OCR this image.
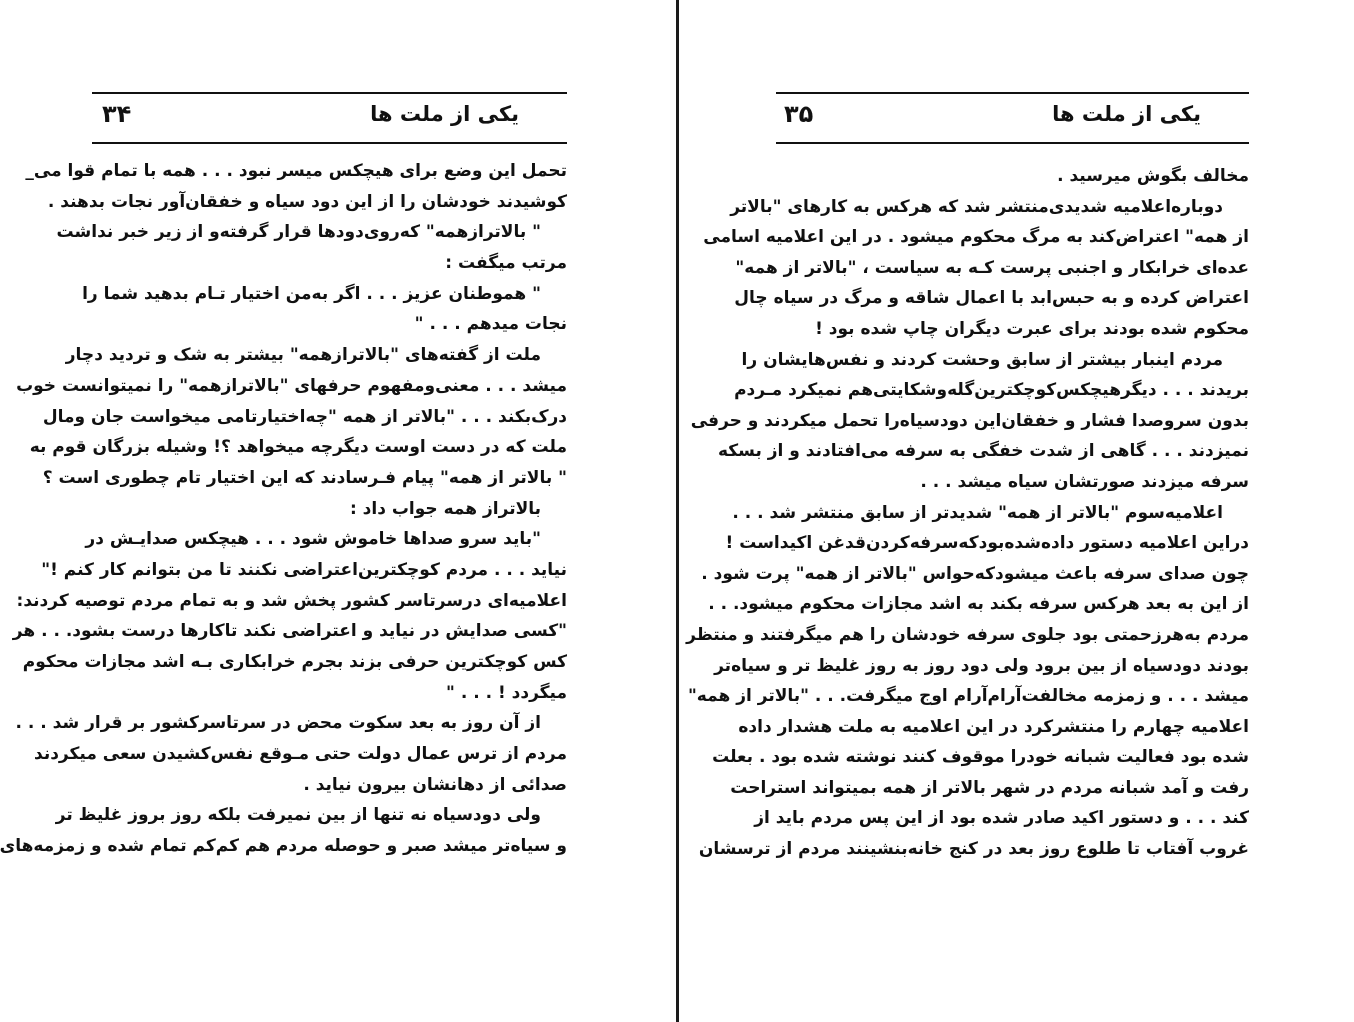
یکی از ملت ها
۳۴
تحمل این وضع برای هیچکس میسر نبود . . . همه با تمام قوا می_
کوشیدند خودشان را از این دود سیاه و خفقان‌آور نجات بدهند .
" بالاترازهمه" که‌روی‌دودها قرار گرفته‌و از زیر خبر نداشت
مرتب میگفت :
" هموطنان عزیز . . . اگر به‌من اختیار تـام بدهید شما را
نجات میدهم . . . "
ملت از گفته‌های "بالاترازهمه" بیشتر به شک و تردید دچار
میشد . . . معنی‌ومفهوم حرفهای "بالاترازهمه" را نمیتوانست خوب
درک‌بکند . . . "بالاتر از همه "چه‌اختیارتامی میخواست جان ومال
ملت که در دست اوست دیگرچه میخواهد ؟! وشیله بزرگان قوم به
" بالاتر از همه" پیام فـرسادند که این اختیار تام چطوری است ؟
بالاتراز همه جواب داد :
"باید سرو صداها خاموش شود . . . هیچکس صدایـش در
نیاید . . . مردم کوچکترین‌اعتراضی نکنند تا من بتوانم کار کنم !"
اعلامیه‌ای درسرتاسر کشور پخش شد و به تمام مردم توصیه کردند:
"کسی صدایش در نیاید و اعتراضی نکند تاکارها درست بشود. . . هر
کس کوچکترین حرفی بزند بجرم خرابکاری بـه اشد مجازات محکوم
میگردد ! . . . "
از آن روز به بعد سکوت محض در سرتاسرکشور بر قرار شد . . .
مردم از ترس عمال دولت حتی مـوقع نفس‌کشیدن سعی میکردند
صدائی از دهانشان بیرون نیاید .
ولی دودسیاه نه تنها از بین نمیرفت بلکه روز بروز غلیظ تر
و سیاه‌تر میشد صبر و حوصله مردم هم کم‌کم تمام شده و زمزمه‌های
یکی از ملت ها
۳۵
مخالف بگوش میرسید .
دوباره‌اعلامیه شدیدی‌منتشر شد که هرکس به کارهای "بالاتر
از همه" اعتراض‌کند به مرگ محکوم میشود . در این اعلامیه اسامی
عده‌ای خرابکار و اجنبی پرست کـه به سیاست ، "بالاتر از همه"
اعتراض کرده و به حبس‌ابد با اعمال شاقه و مرگ در سیاه چال
محکوم شده بودند برای عبرت دیگران چاپ شده بود !
مردم اینبار بیشتر از سابق وحشت کردند و نفس‌هایشان را
بریدند . . . دیگرهیچکس‌کوچکترین‌گلەوشکایتی‌هم نمیکرد مـردم
بدون سروصدا فشار و خفقان‌این دودسیاه‌را تحمل میکردند و حرفی
نمیزدند . . . گاهی از شدت خفگی به سرفه می‌افتادند و از بسکه
سرفه میزدند صورتشان سیاه میشد . . .
اعلامیه‌سوم "بالاتر از همه" شدیدتر از سابق منتشر شد . . .
دراین اعلامیه دستور داده‌شده‌بودکه‌سرفه‌کردن‌قدغن اکیداست !
چون صدای سرفه باعث میشودکه‌حواس "بالاتر از همه" پرت شود .
از این به بعد هرکس سرفه بکند به اشد مجازات محکوم میشود. . .
مردم به‌هرزحمتی بود جلوی سرفه خودشان را هم میگرفتند و منتظر
بودند دودسیاه از بین برود ولی دود روز به روز غلیظ تر و سیاه‌تر
میشد . . . و زمزمه مخالفت‌آرام‌آرام اوج میگرفت. . . "بالاتر از همه"
اعلامیه چهارم را منتشرکرد در این اعلامیه به ملت هشدار داده
شده بود فعالیت شبانه خودرا موقوف کنند نوشته شده بود . بعلت
رفت و آمد شبانه مردم در شهر بالاتر از همه بمیتواند استراحت
کند . . . و دستور اکید صادر شده بود از این پس مردم باید از
غروب آفتاب تا طلوع روز بعد در کنج خانه‌بنشینند مردم از ترسشان
